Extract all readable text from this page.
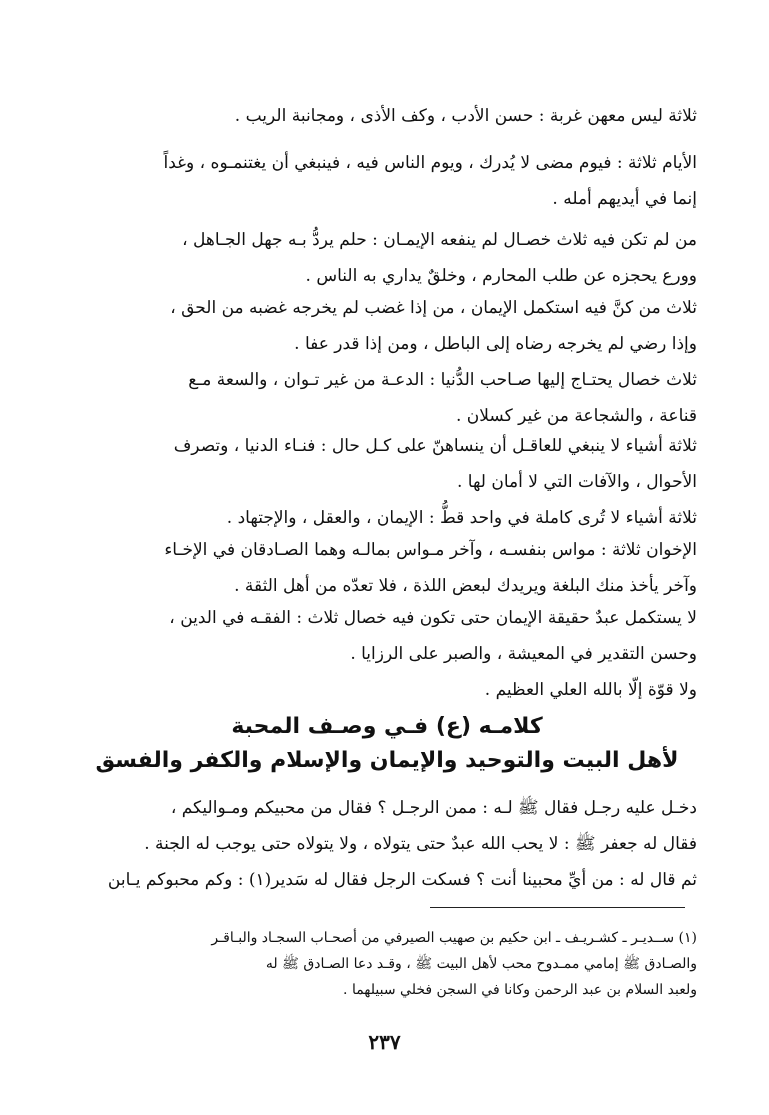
ثلاثة ليس معهن غربة : حسن الأدب ، وكف الأذى ، ومجانبة الريب .
الأيام ثلاثة : فيوم مضى لا يُدرك ، ويوم الناس فيه ، فينبغي أن يغتنمـوه ، وغداً
إنما في أيديهم أمله .
من لم تكن فيه ثلاث خصـال لم ينفعه الإيمـان : حلم يردُّ بـه جهل الجـاهل ،
وورع يحجزه عن طلب المحارم ، وخلقٌ يداري به الناس .
ثلاث من كنَّ فيه استكمل الإيمان ، من إذا غضب لم يخرجه غضبه من الحق ،
وإذا رضي لم يخرجه رضاه إلى الباطل ، ومن إذا قدر عفا .
ثلاث خصال يحتـاج إليها صـاحب الدُّنيا : الدعـة من غير تـوان ، والسعة مـع
قناعة ، والشجاعة من غير كسلان .
ثلاثة أشياء لا ينبغي للعاقـل أن ينساهنّ على كـل حال : فنـاء الدنيا ، وتصرف
الأحوال ، والآفات التي لا أمان لها .
ثلاثة أشياء لا تُرى كاملة في واحد قطُّ : الإيمان ، والعقل ، والإجتهاد .
الإخوان ثلاثة : مواس بنفسـه ، وآخر مـواس بمالـه وهما الصـادقان في الإخـاء
وآخر يأخذ منك البلغة ويريدك لبعض اللذة ، فلا تعدّه من أهل الثقة .
لا يستكمل عبدٌ حقيقة الإيمان حتى تكون فيه خصال ثلاث : الفقـه في الدين ،
وحسن التقدير في المعيشة ، والصبر على الرزايا .
ولا قوّة إلّا بالله العلي العظيم .
كلامـه (ع) فـي وصـف المحبة
لأهل البيت والتوحيد والإيمان والإسلام والكفر والفسق
دخـل عليه رجـل فقال ﷺ لـه : ممن الرجـل ؟ فقال من محبيكم ومـواليكم ،
فقال له جعفر ﷺ : لا يحب الله عبدٌ حتى يتولاه ، ولا يتولاه حتى يوجب له الجنة .
ثم قال له : من أيِّ محبينا أنت ؟ فسكت الرجل فقال له سَدير(١) : وكم محبوكم يـابن
(١) ســديـر ـ كشـريـف ـ ابن حكيم بن صهيب الصيرفي من أصحـاب السجـاد والبـاقـر
والصـادق ﷺ إمامي ممـدوح محب لأهل البيت ﷺ ، وقـد دعا الصـادق ﷺ له
ولعبد السلام بن عبد الرحمن وكانا في السجن فخلي سبيلهما .
٢٣٧
